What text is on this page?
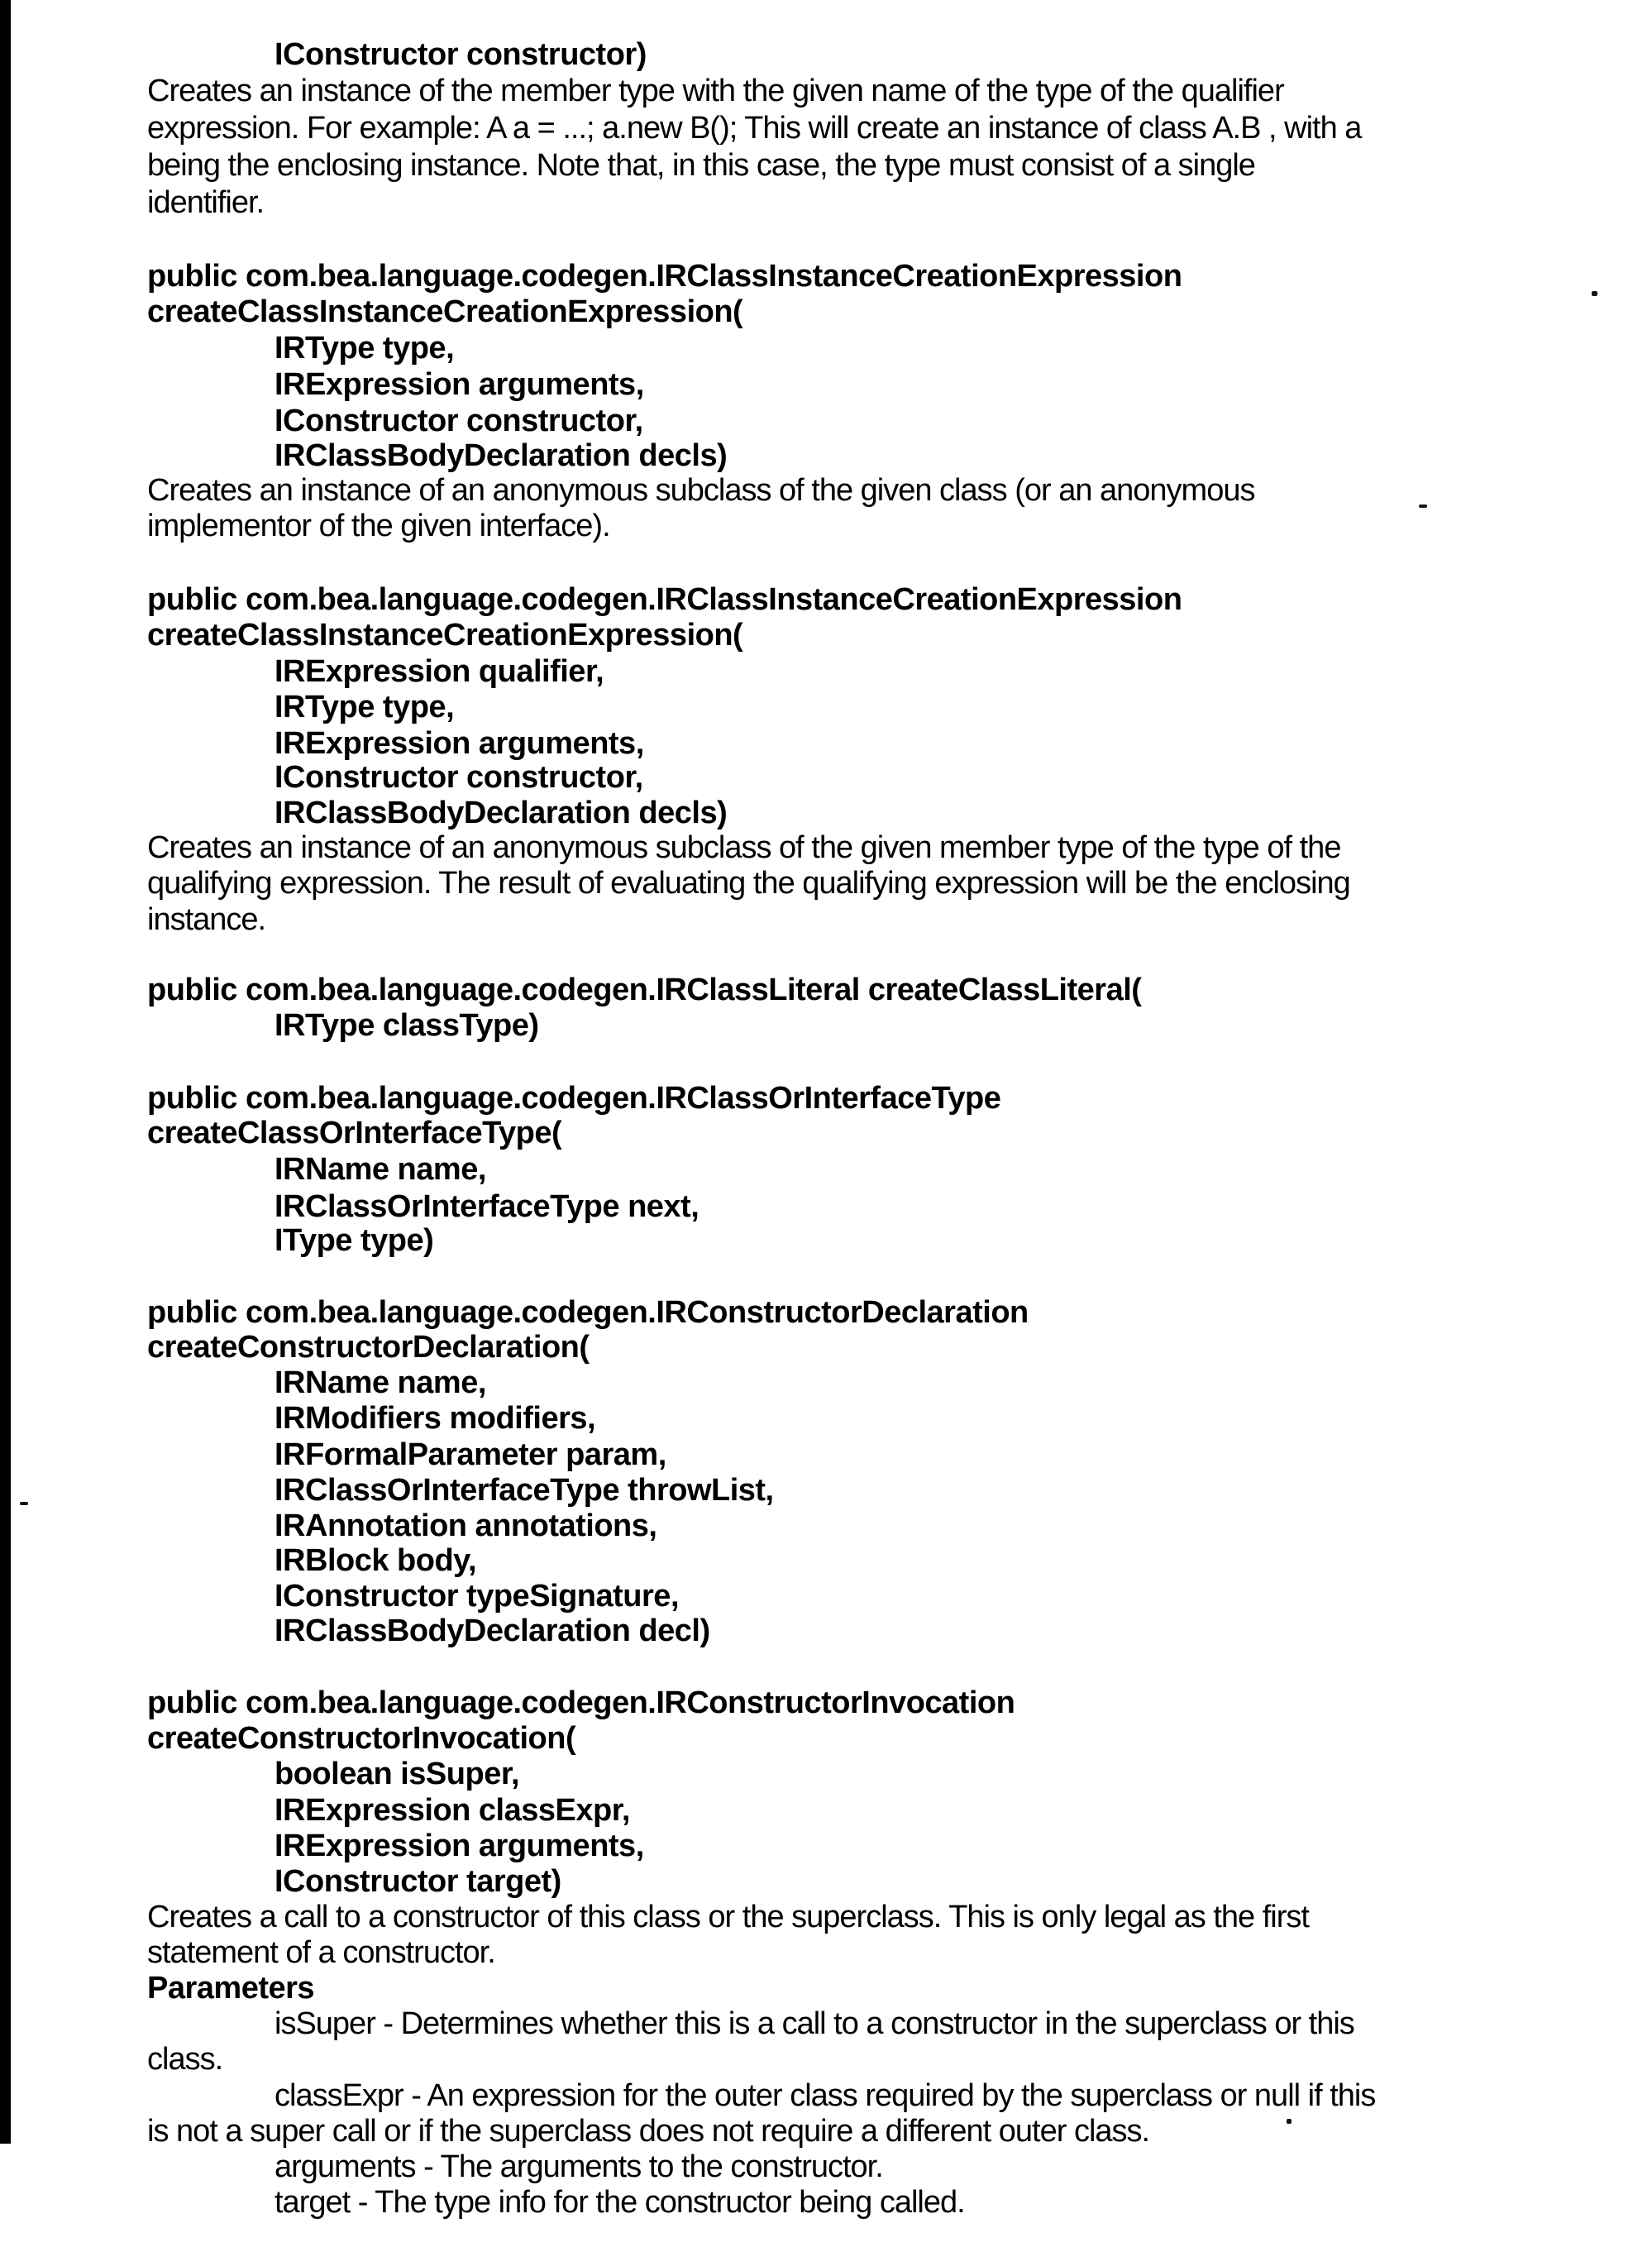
IConstructor constructor)
Creates an instance of the member type with the given name of the type of the qualifier
expression. For example: A a = ...; a.new B(); This will create an instance of class A.B , with a
being the enclosing instance. Note that, in this case, the type must consist of a single
identifier.
public com.bea.language.codegen.IRClassInstanceCreationExpression
createClassInstanceCreationExpression(
IRType type,
IRExpression arguments,
IConstructor constructor,
IRClassBodyDeclaration decls)
Creates an instance of an anonymous subclass of the given class (or an anonymous
implementor of the given interface).
public com.bea.language.codegen.IRClassInstanceCreationExpression
createClassInstanceCreationExpression(
IRExpression qualifier,
IRType type,
IRExpression arguments,
IConstructor constructor,
IRClassBodyDeclaration decls)
Creates an instance of an anonymous subclass of the given member type of the type of the
qualifying expression. The result of evaluating the qualifying expression will be the enclosing
instance.
public com.bea.language.codegen.IRClassLiteral createClassLiteral(
IRType classType)
public com.bea.language.codegen.IRClassOrInterfaceType
createClassOrInterfaceType(
IRName name,
IRClassOrInterfaceType next,
IType type)
public com.bea.language.codegen.IRConstructorDeclaration
createConstructorDeclaration(
IRName name,
IRModifiers modifiers,
IRFormalParameter param,
IRClassOrInterfaceType throwList,
IRAnnotation annotations,
IRBlock body,
IConstructor typeSignature,
IRClassBodyDeclaration decl)
public com.bea.language.codegen.IRConstructorInvocation
createConstructorInvocation(
boolean isSuper,
IRExpression classExpr,
IRExpression arguments,
IConstructor target)
Creates a call to a constructor of this class or the superclass. This is only legal as the first
statement of a constructor.
Parameters
isSuper - Determines whether this is a call to a constructor in the superclass or this
class.
classExpr - An expression for the outer class required by the superclass or null if this
is not a super call or if the superclass does not require a different outer class.
arguments - The arguments to the constructor.
target - The type info for the constructor being called.
